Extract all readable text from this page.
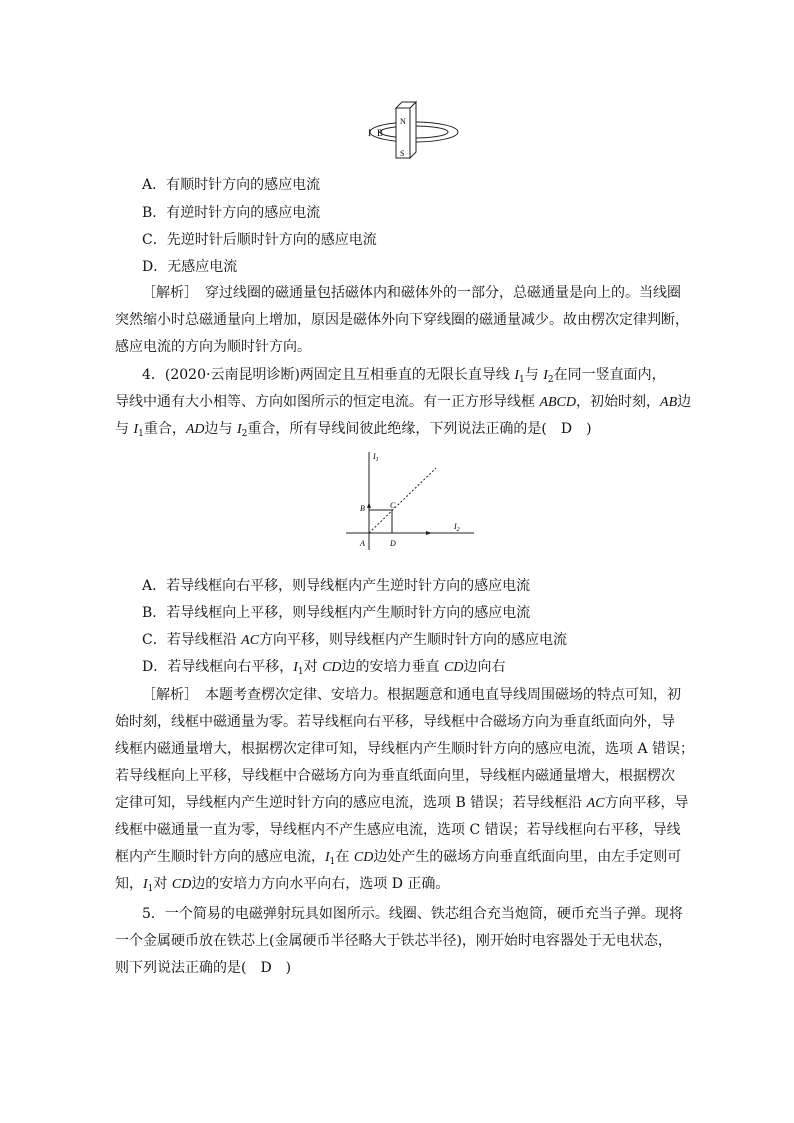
I B
N
S
A．有顺时针方向的感应电流
B．有逆时针方向的感应电流
C．先逆时针后顺时针方向的感应电流
D．无感应电流
［解析］　穿过线圈的磁通量包括磁体内和磁体外的一部分，总磁通量是向上的。当线圈
突然缩小时总磁通量向上增加，原因是磁体外向下穿线圈的磁通量减少。故由楞次定律判断，
感应电流的方向为顺时针方向。
4．(2020·云南昆明诊断)两固定且互相垂直的无限长直导线 $I_1$与 $I_2$在同一竖直面内，
导线中通有大小相等、方向如图所示的恒定电流。有一正方形导线框 ABCD，初始时刻，AB边
与 $I_1$重合，AD边与 $I_2$重合，所有导线间彼此绝缘，下列说法正确的是(　D　)
$I_1$
$I_2$
A
B	C
D
A．若导线框向右平移，则导线框内产生逆时针方向的感应电流
B．若导线框向上平移，则导线框内产生顺时针方向的感应电流
C．若导线框沿 AC方向平移，则导线框内产生顺时针方向的感应电流
D．若导线框向右平移，$I_1$对 CD边的安培力垂直 CD边向右
［解析］　本题考查楞次定律、安培力。根据题意和通电直导线周围磁场的特点可知，初
始时刻，线框中磁通量为零。若导线框向右平移，导线框中合磁场方向为垂直纸面向外，导
线框内磁通量增大，根据楞次定律可知，导线框内产生顺时针方向的感应电流，选项 A 错误；
若导线框向上平移，导线框中合磁场方向为垂直纸面向里，导线框内磁通量增大，根据楞次
定律可知，导线框内产生逆时针方向的感应电流，选项 B 错误；若导线框沿 AC方向平移，导
线框中磁通量一直为零，导线框内不产生感应电流，选项 C 错误；若导线框向右平移，导线
框内产生顺时针方向的感应电流，$I_1$在 CD边处产生的磁场方向垂直纸面向里，由左手定则可
知，$I_1$对 CD边的安培力方向水平向右，选项 D 正确。
5．一个简易的电磁弹射玩具如图所示。线圈、铁芯组合充当炮筒，硬币充当子弹。现将
一个金属硬币放在铁芯上(金属硬币半径略大于铁芯半径)，刚开始时电容器处于无电状态，
则下列说法正确的是(　D　)
